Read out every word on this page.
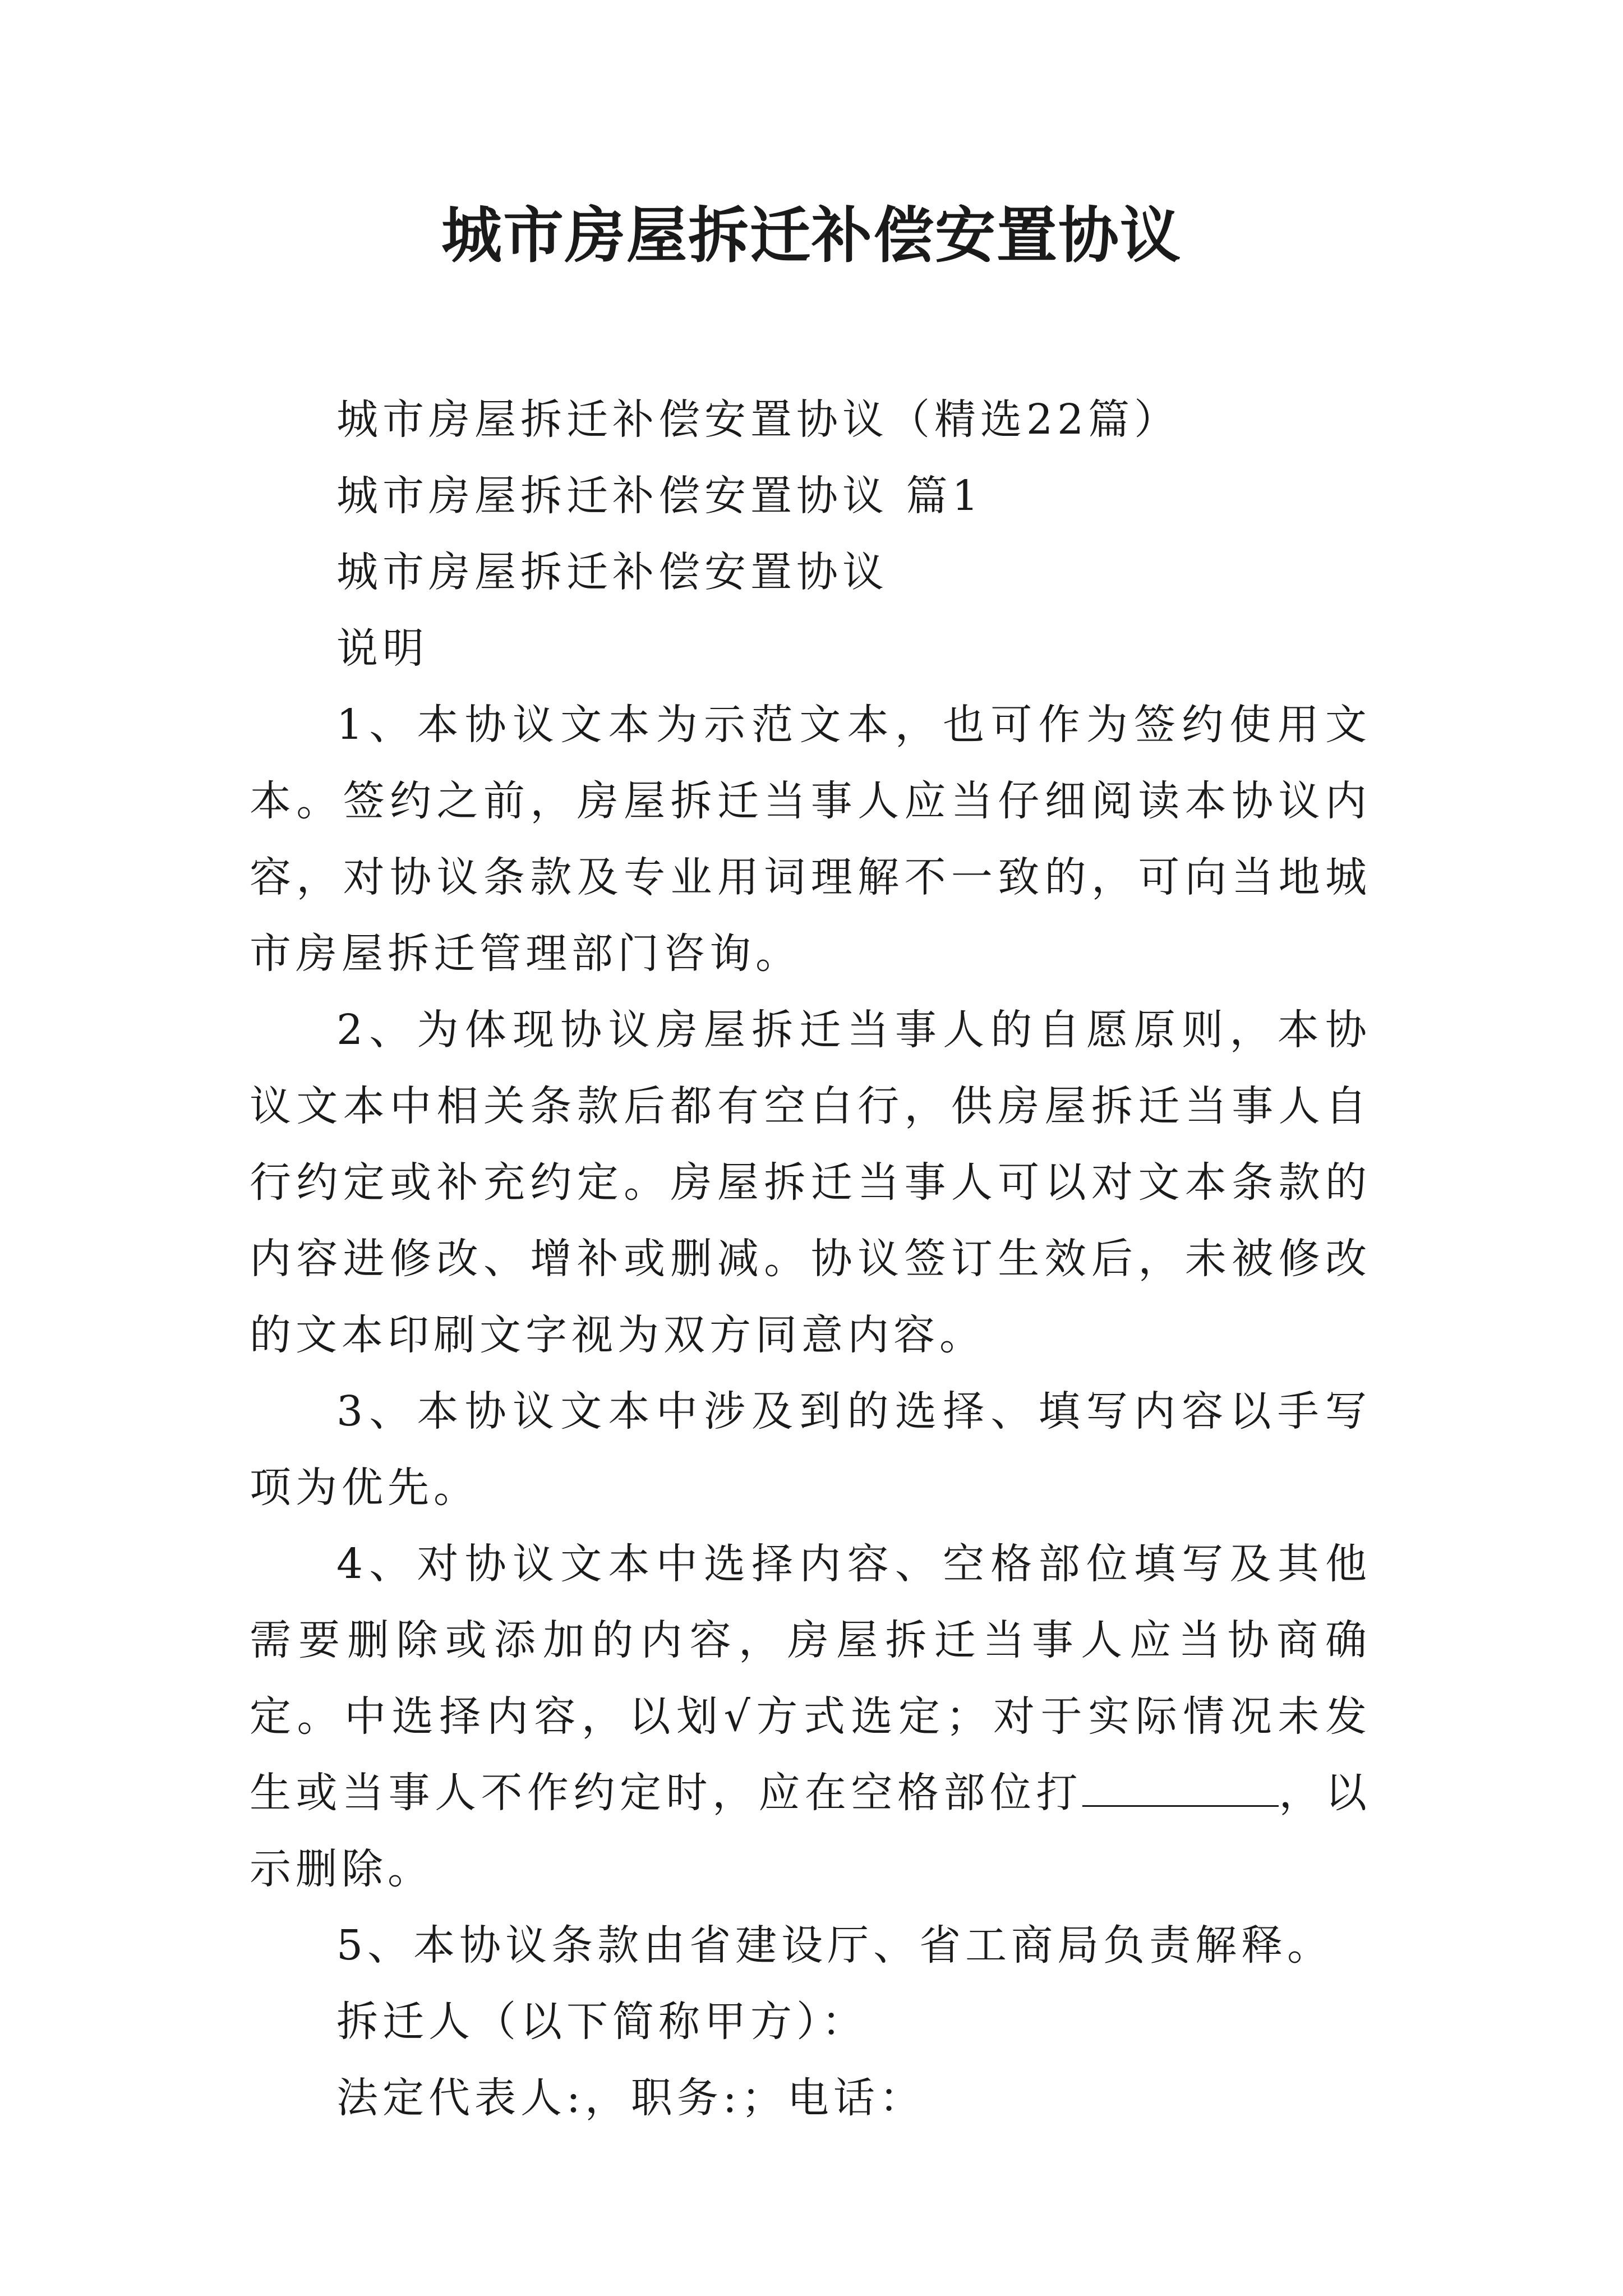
城市房屋拆迁补偿安置协议

城市房屋拆迁补偿安置协议（精选22篇）

城市房屋拆迁补偿安置协议 篇1

城市房屋拆迁补偿安置协议

说明

1、本协议文本为示范文本，也可作为签约使用文本。签约之前，房屋拆迁当事人应当仔细阅读本协议内容，对协议条款及专业用词理解不一致的，可向当地城市房屋拆迁管理部门咨询。

2、为体现协议房屋拆迁当事人的自愿原则，本协议文本中相关条款后都有空白行，供房屋拆迁当事人自行约定或补充约定。房屋拆迁当事人可以对文本条款的内容进修改、增补或删减。协议签订生效后，未被修改的文本印刷文字视为双方同意内容。

3、本协议文本中涉及到的选择、填写内容以手写项为优先。

4、对协议文本中选择内容、空格部位填写及其他需要删除或添加的内容，房屋拆迁当事人应当协商确定。中选择内容，以划√方式选定；对于实际情况未发生或当事人不作约定时，应在空格部位打	，以示删除。

5、本协议条款由省建设厅、省工商局负责解释。

拆迁人（以下简称甲方）：

法定代表人:，职务:；电话：
